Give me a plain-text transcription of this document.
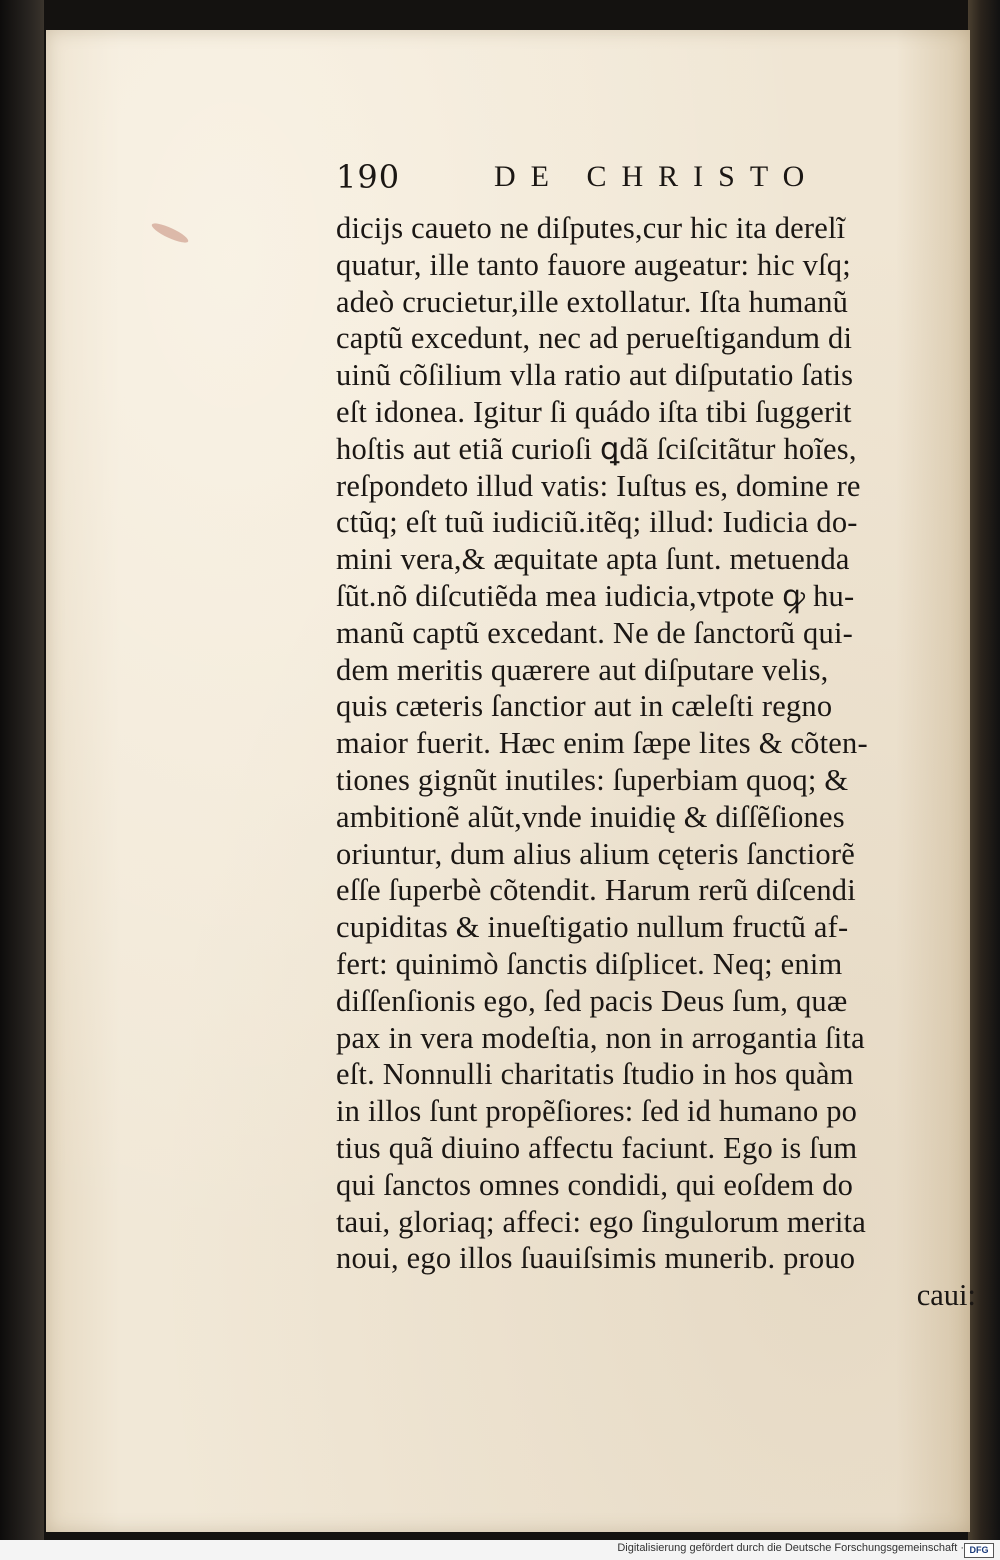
190	DE CHRISTO
dicijs caueto ne diſputes,cur hic ita derelĩ
quatur, ille tanto fauore augeatur: hic vſq;
adeò crucietur,ille extollatur. Iſta humanũ
captũ excedunt, nec ad perueſtigandum di
uinũ cõſilium vlla ratio aut diſputatio ſatis
eſt idonea. Igitur ſi quádo iſta tibi ſuggerit
hoſtis aut etiã curioſi ꝗdã ſciſcitãtur hoĩes,
reſpondeto illud vatis: Iuſtus es, domine re
ctũq; eſt tuũ iudiciũ.itẽq; illud: Iudicia do-
mini vera,& æquitate apta ſunt. metuenda
ſũt.nõ diſcutiẽda mea iudicia,vtpote ꝙ hu-
manũ captũ excedant. Ne de ſanctorũ qui-
dem meritis quærere aut diſputare velis,
quis cæteris ſanctior aut in cæleſti regno
maior fuerit. Hæc enim ſæpe lites & cõten-
tiones gignũt inutiles: ſuperbiam quoq; &
ambitionẽ alũt,vnde inuidię & diſſẽſiones
oriuntur, dum alius alium cęteris ſanctiorẽ
eſſe ſuperbè cõtendit. Harum rerũ diſcendi
cupiditas & inueſtigatio nullum fructũ af-
fert: quinimò ſanctis diſplicet. Neq; enim
diſſenſionis ego, ſed pacis Deus ſum, quæ
pax in vera modeſtia, non in arrogantia ſita
eſt. Nonnulli charitatis ſtudio in hos quàm
in illos ſunt propẽſiores: ſed id humano po
tius quã diuino affectu faciunt. Ego is ſum
qui ſanctos omnes condidi, qui eoſdem do
taui, gloriaq; affeci: ego ſingulorum merita
noui, ego illos ſuauiſsimis munerib. prouo
caui:
Digitalisierung gefördert durch die Deutsche Forschungsgemeinschaft · DFG
